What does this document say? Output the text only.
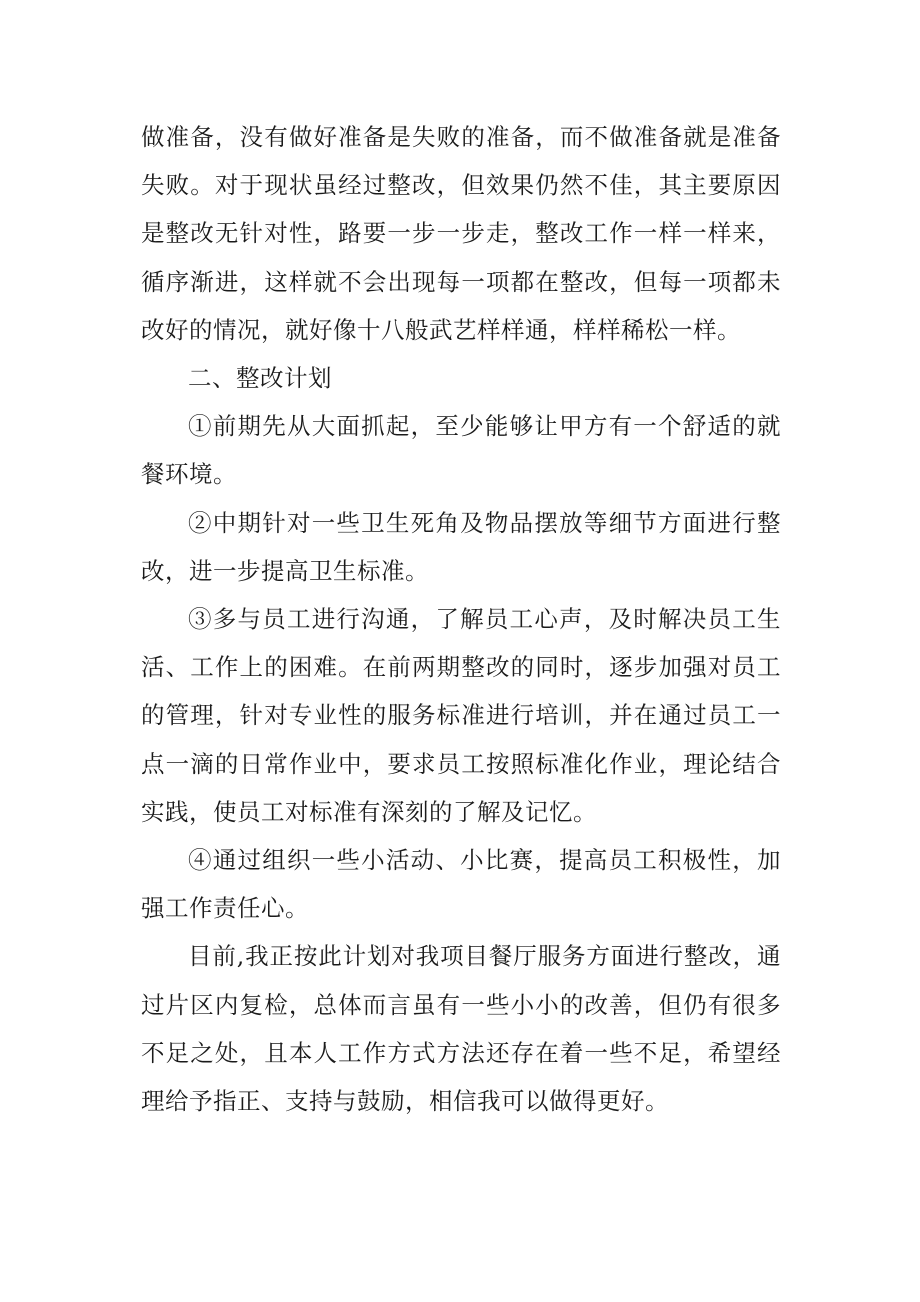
做准备，没有做好准备是失败的准备，而不做准备就是准备失败。对于现状虽经过整改，但效果仍然不佳，其主要原因是整改无针对性，路要一步一步走，整改工作一样一样来，循序渐进，这样就不会出现每一项都在整改，但每一项都未改好的情况，就好像十八般武艺样样通，样样稀松一样。

二、整改计划

①前期先从大面抓起，至少能够让甲方有一个舒适的就餐环境。

②中期针对一些卫生死角及物品摆放等细节方面进行整改，进一步提高卫生标准。

③多与员工进行沟通，了解员工心声，及时解决员工生活、工作上的困难。在前两期整改的同时，逐步加强对员工的管理，针对专业性的服务标准进行培训，并在通过员工一点一滴的日常作业中，要求员工按照标准化作业，理论结合实践，使员工对标准有深刻的了解及记忆。

④通过组织一些小活动、小比赛，提高员工积极性，加强工作责任心。

目前,我正按此计划对我项目餐厅服务方面进行整改，通过片区内复检，总体而言虽有一些小小的改善，但仍有很多不足之处，且本人工作方式方法还存在着一些不足，希望经理给予指正、支持与鼓励，相信我可以做得更好。
